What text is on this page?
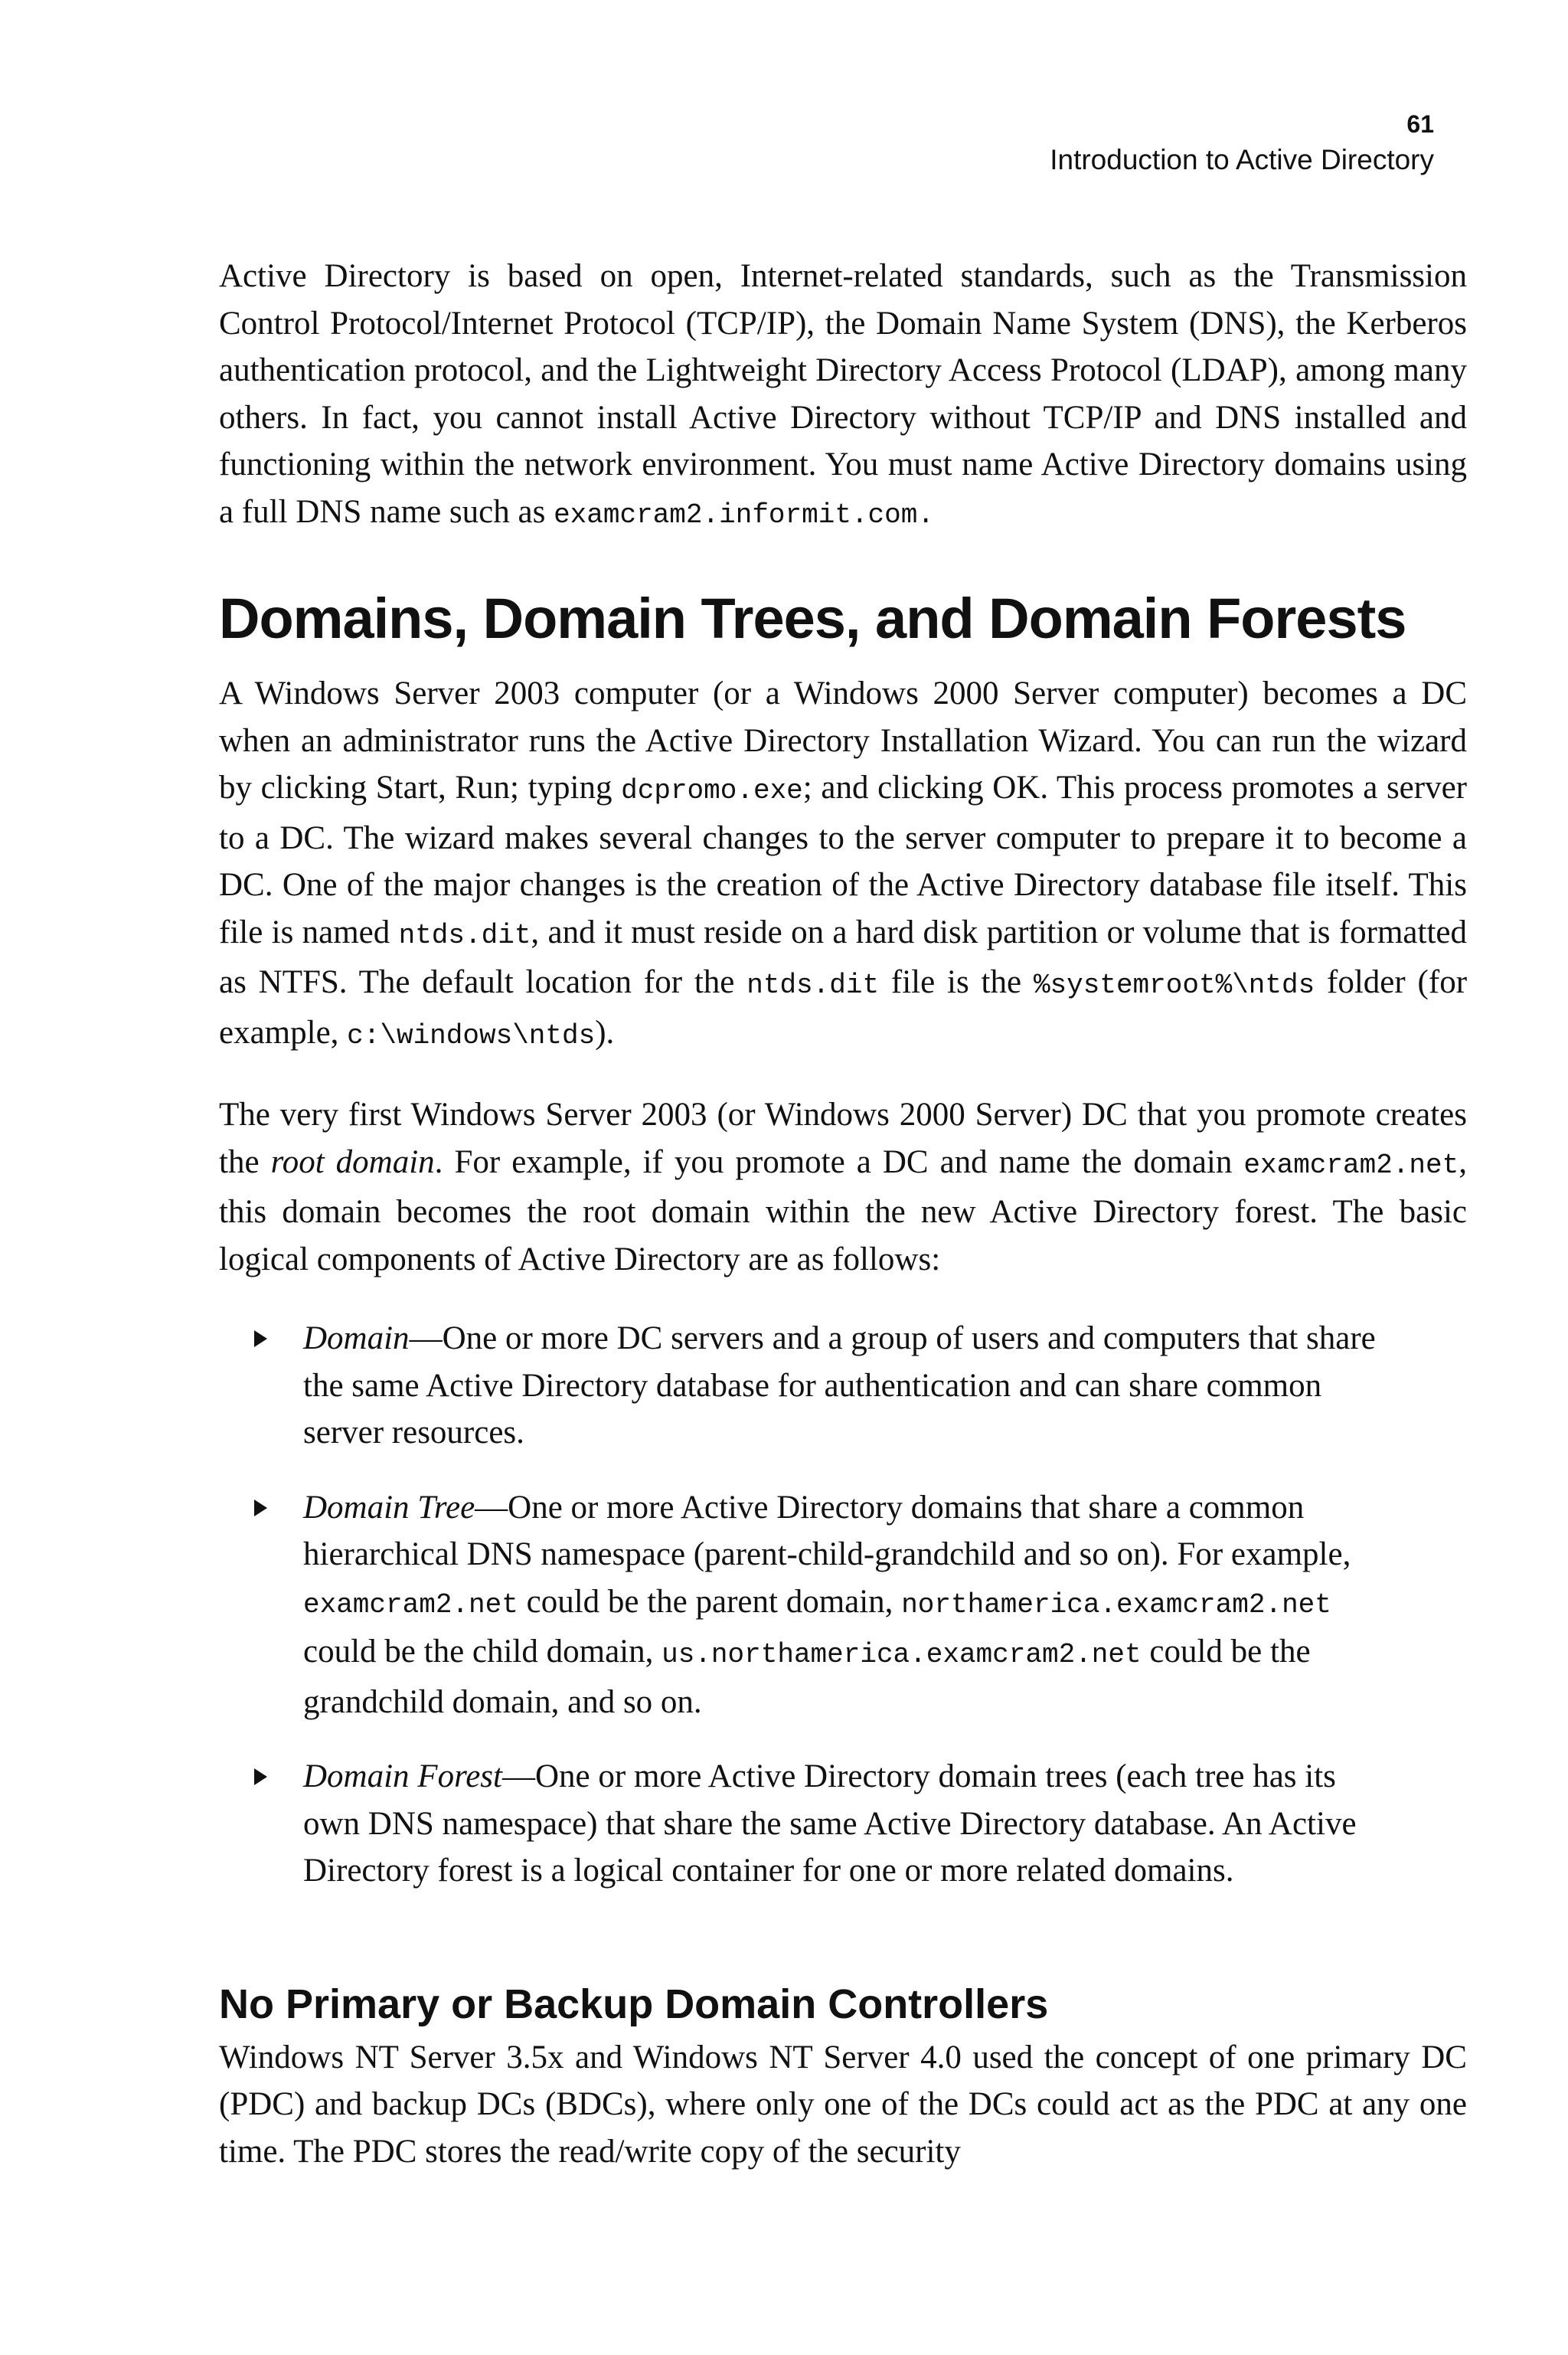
61
Introduction to Active Directory

Active Directory is based on open, Internet-related standards, such as the Transmission Control Protocol/Internet Protocol (TCP/IP), the Domain Name System (DNS), the Kerberos authentication protocol, and the Lightweight Directory Access Protocol (LDAP), among many others. In fact, you cannot install Active Directory without TCP/IP and DNS installed and functioning within the network environment. You must name Active Directory domains using a full DNS name such as examcram2.informit.com.

Domains, Domain Trees, and Domain Forests

A Windows Server 2003 computer (or a Windows 2000 Server computer) becomes a DC when an administrator runs the Active Directory Installation Wizard. You can run the wizard by clicking Start, Run; typing dcpromo.exe; and clicking OK. This process promotes a server to a DC. The wizard makes several changes to the server computer to prepare it to become a DC. One of the major changes is the creation of the Active Directory database file itself. This file is named ntds.dit, and it must reside on a hard disk partition or volume that is formatted as NTFS. The default location for the ntds.dit file is the %systemroot%\ntds folder (for example, c:\windows\ntds).

The very first Windows Server 2003 (or Windows 2000 Server) DC that you promote creates the root domain. For example, if you promote a DC and name the domain examcram2.net, this domain becomes the root domain within the new Active Directory forest. The basic logical components of Active Directory are as follows:

Domain—One or more DC servers and a group of users and computers that share the same Active Directory database for authentication and can share common server resources.
Domain Tree—One or more Active Directory domains that share a common hierarchical DNS namespace (parent-child-grandchild and so on). For example, examcram2.net could be the parent domain, northamerica.examcram2.net could be the child domain, us.northamerica.examcram2.net could be the grandchild domain, and so on.
Domain Forest—One or more Active Directory domain trees (each tree has its own DNS namespace) that share the same Active Directory database. An Active Directory forest is a logical container for one or more related domains.
No Primary or Backup Domain Controllers

Windows NT Server 3.5x and Windows NT Server 4.0 used the concept of one primary DC (PDC) and backup DCs (BDCs), where only one of the DCs could act as the PDC at any one time. The PDC stores the read/write copy of the security
